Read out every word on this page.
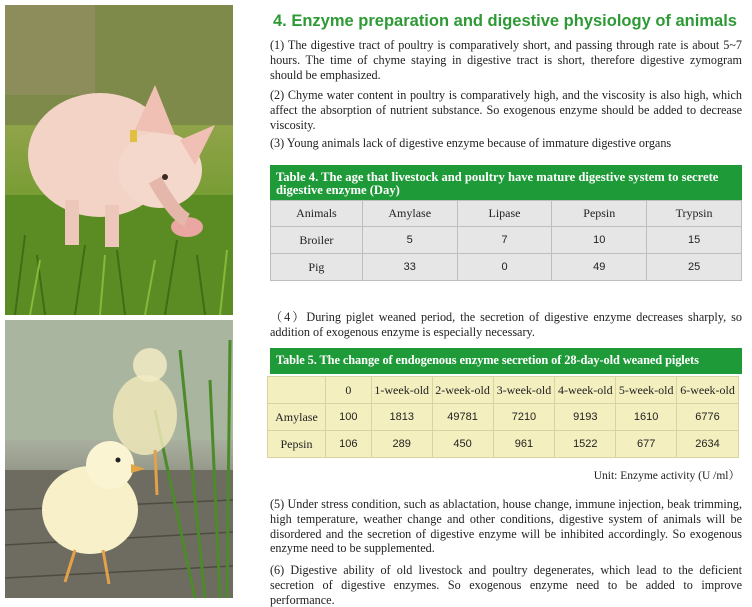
4. Enzyme preparation and digestive physiology of animals

(1) The digestive tract of poultry is comparatively short, and passing through rate is about 5~7 hours. The time of chyme staying in digestive tract is short, therefore digestive zymogram should be emphasized.

(2) Chyme water content in poultry is comparatively high, and the viscosity is also high, which affect the absorption of nutrient substance. So exogenous enzyme should be added to decrease viscosity.

(3) Young animals lack of digestive enzyme because of immature digestive organs

Table 4. The age that livestock and poultry have mature digestive system to secrete digestive enzyme (Day)
Animals	Amylase	Lipase	Pepsin	Trypsin
Broiler	5	7	10	15
Pig	33	0	49	25

（4）During piglet weaned period, the secretion of digestive enzyme decreases sharply, so addition of exogenous enzyme is especially necessary.

Table 5. The change of endogenous enzyme secretion of 28-day-old weaned piglets
	0	1-week-old	2-week-old	3-week-old	4-week-old	5-week-old	6-week-old
Amylase	100	1813	49781	7210	9193	1610	6776
Pepsin	106	289	450	961	1522	677	2634
Unit: Enzyme activity (U /ml）

(5) Under stress condition, such as ablactation, house change, immune injection, beak trimming, high temperature, weather change and other conditions, digestive system of animals will be disordered and the secretion of digestive enzyme will be inhibited accordingly. So exogenous enzyme need to be supplemented.

(6) Digestive ability of old livestock and poultry degenerates, which lead to the deficient secretion of digestive enzymes. So exogenous enzyme need to be added to improve performance.
